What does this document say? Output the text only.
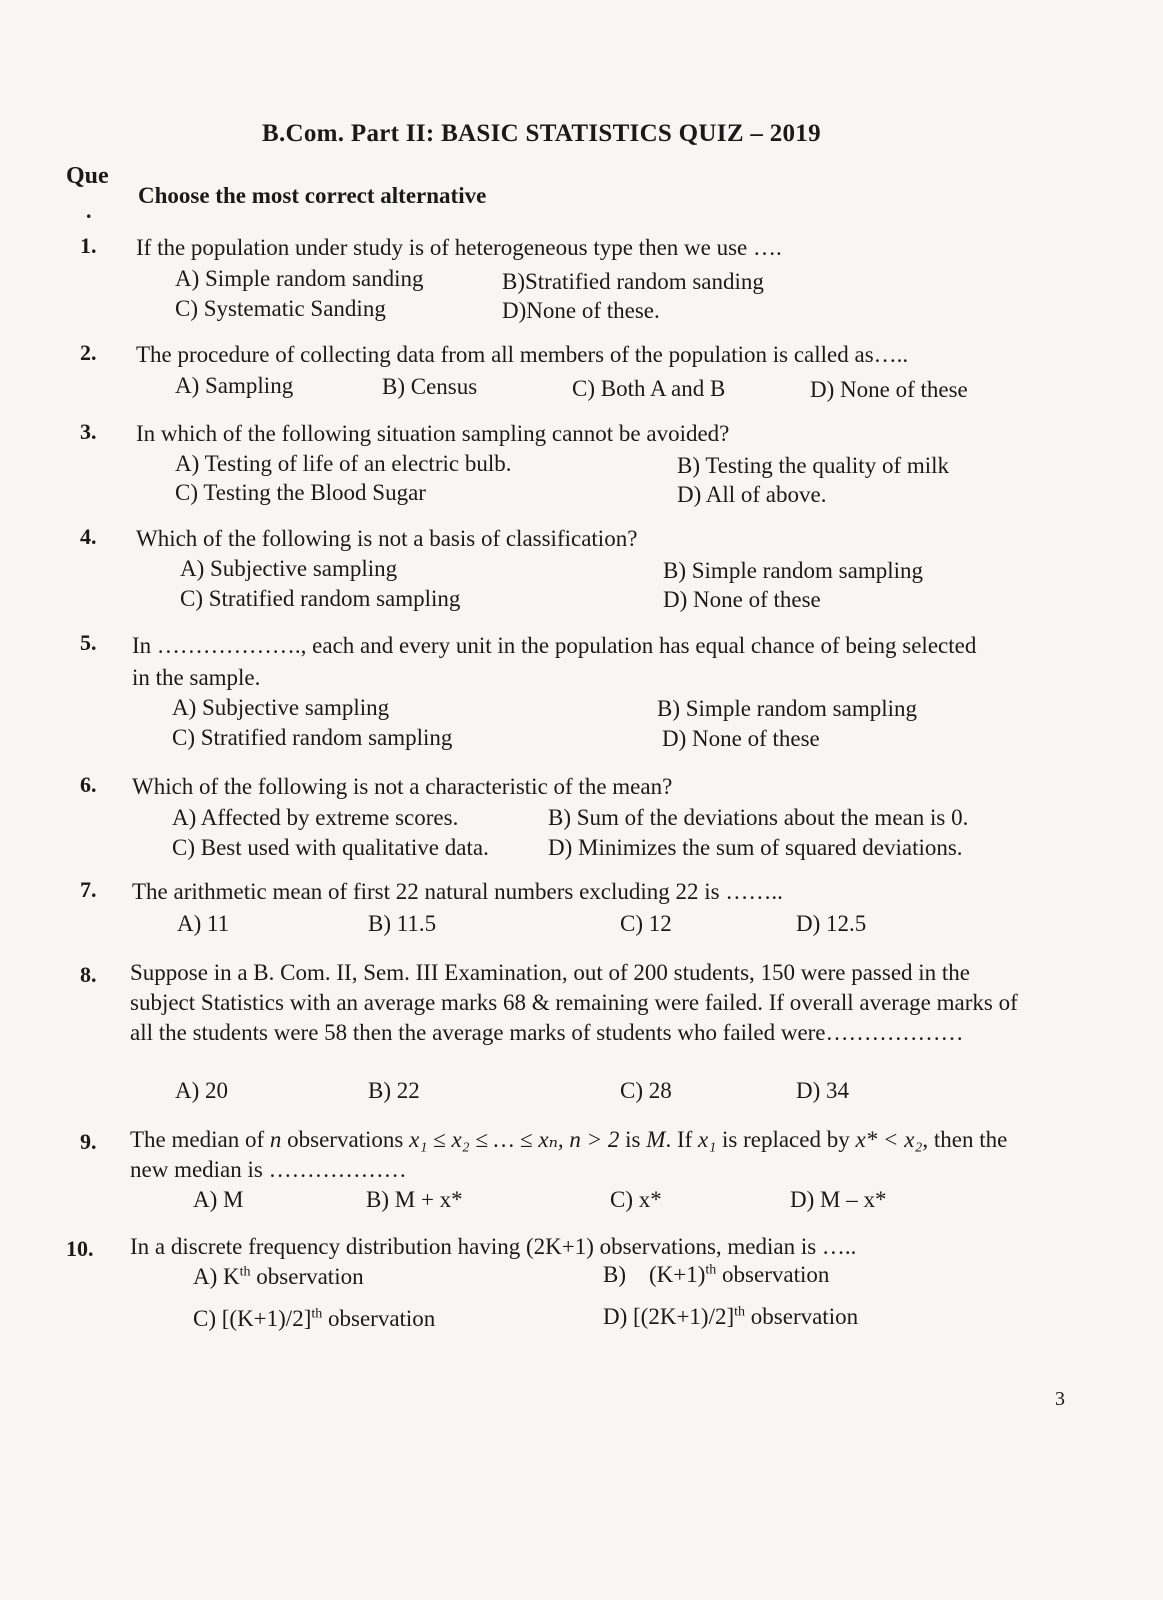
B.Com. Part II: BASIC STATISTICS QUIZ – 2019
Que
.
Choose the most correct alternative
1. If the population under study is of heterogeneous type then we use ….
A) Simple random sanding	B)Stratified random sanding
C) Systematic Sanding	D)None of these.
2. The procedure of collecting data from all members of the population is called as…..
A) Sampling	B) Census	C) Both A and B	D) None of these
3. In which of the following situation sampling cannot be avoided?
A) Testing of life of an electric bulb.	B) Testing the quality of milk
C) Testing the Blood Sugar	D) All of above.
4. Which of the following is not a basis of classification?
A) Subjective sampling	B) Simple random sampling
C) Stratified random sampling	D) None of these
5. In ………………., each and every unit in the population has equal chance of being selected in the sample.
A) Subjective sampling	B) Simple random sampling
C) Stratified random sampling	D) None of these
6. Which of the following is not a characteristic of the mean?
A) Affected by extreme scores.	B) Sum of the deviations about the mean is 0.
C) Best used with qualitative data.	D) Minimizes the sum of squared deviations.
7. The arithmetic mean of first 22 natural numbers excluding 22 is ……..
A) 11	B) 11.5	C) 12	D) 12.5
8. Suppose in a B. Com. II, Sem. III Examination, out of 200 students, 150 were passed in the subject Statistics with an average marks 68 & remaining were failed. If overall average marks of all the students were 58 then the average marks of students who failed were………………
A) 20	B) 22	C) 28	D) 34
9. The median of n observations x₁ ≤ x₂ ≤ … ≤ xₙ, n > 2 is M. If x₁ is replaced by x* < x₂, then the new median is ………………
A) M	B) M + x*	C) x*	D) M – x*
10. In a discrete frequency distribution having (2K+1) observations, median is …..
A) $K^{th}$ observation	B)    $(K+1)^{th}$ observation
C) $[(K+1)/2]^{th}$ observation	D) $[(2K+1)/2]^{th}$ observation
3
